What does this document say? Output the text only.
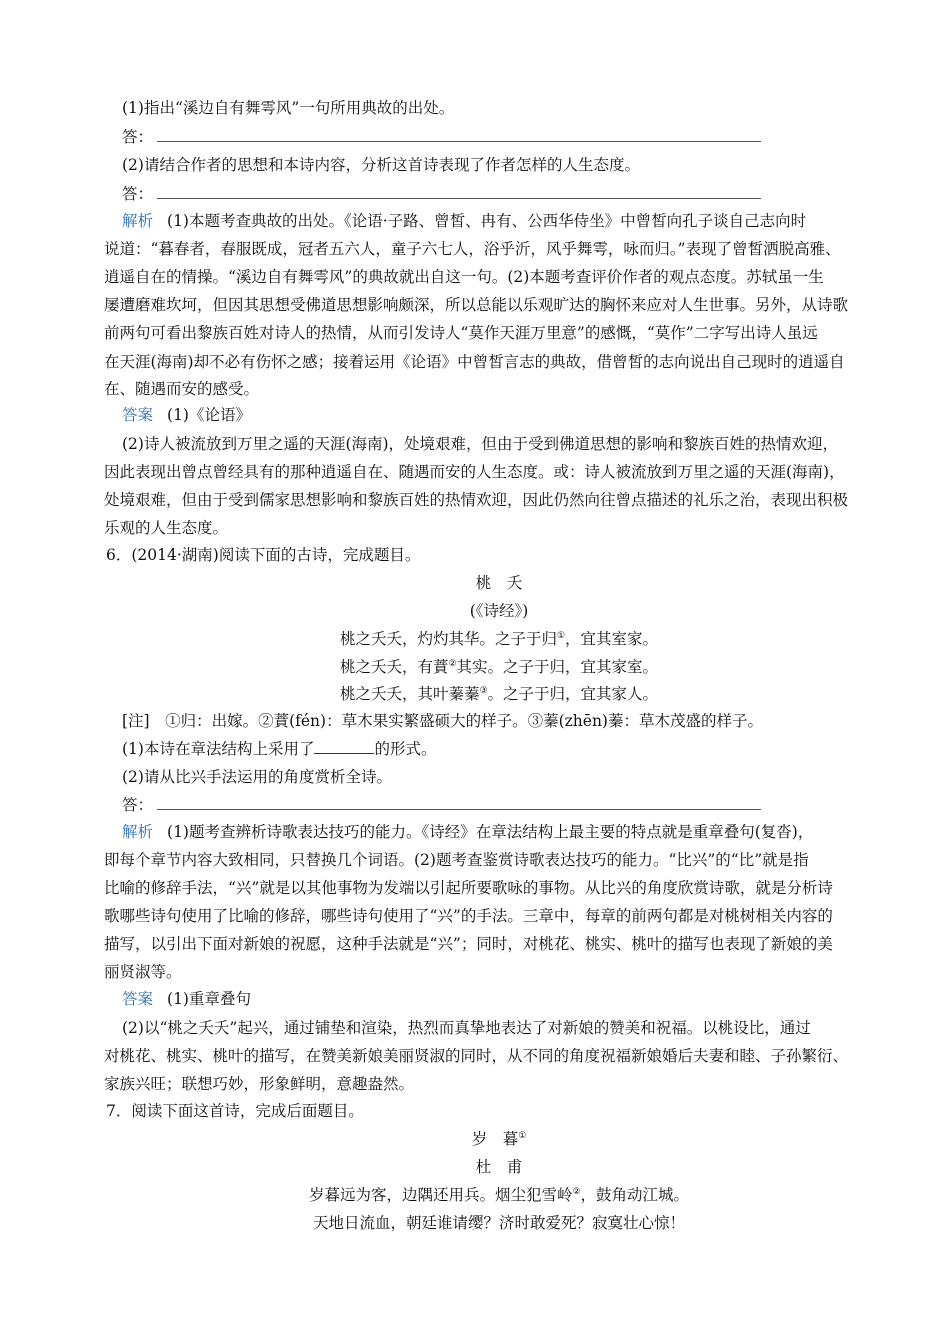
(1)指出“溪边自有舞雩风”一句所用典故的出处。
答：
(2)请结合作者的思想和本诗内容，分析这首诗表现了作者怎样的人生态度。
答：
解析 (1)本题考查典故的出处。《论语·子路、曾皙、冉有、公西华侍坐》中曾皙向孔子谈自己志向时
说道：“暮春者，春服既成，冠者五六人，童子六七人，浴乎沂，风乎舞雩，咏而归。”表现了曾皙洒脱高雅、
逍遥自在的情操。“溪边自有舞雩风”的典故就出自这一句。(2)本题考查评价作者的观点态度。苏轼虽一生
屡遭磨难坎坷，但因其思想受佛道思想影响颇深，所以总能以乐观旷达的胸怀来应对人生世事。另外，从诗歌
前两句可看出黎族百姓对诗人的热情，从而引发诗人“莫作天涯万里意”的感慨，“莫作”二字写出诗人虽远
在天涯(海南)却不必有伤怀之感；接着运用《论语》中曾皙言志的典故，借曾皙的志向说出自己现时的逍遥自
在、随遇而安的感受。
答案 (1)《论语》
(2)诗人被流放到万里之遥的天涯(海南)，处境艰难，但由于受到佛道思想的影响和黎族百姓的热情欢迎，
因此表现出曾点曾经具有的那种逍遥自在、随遇而安的人生态度。或：诗人被流放到万里之遥的天涯(海南)，
处境艰难，但由于受到儒家思想影响和黎族百姓的热情欢迎，因此仍然向往曾点描述的礼乐之治，表现出积极
乐观的人生态度。
6．(2014·湖南)阅读下面的古诗，完成题目。
桃　夭
(《诗经》)
桃之夭夭，灼灼其华。之子于归①，宜其室家。
桃之夭夭，有蕡②其实。之子于归，宜其家室。
桃之夭夭，其叶蓁蓁③。之子于归，宜其家人。
[注]　①归：出嫁。②蕡(fén)：草木果实繁盛硕大的样子。③蓁(zhēn)蓁：草木茂盛的样子。
(1)本诗在章法结构上采用了	的形式。
(2)请从比兴手法运用的角度赏析全诗。
答：
解析 (1)题考查辨析诗歌表达技巧的能力。《诗经》在章法结构上最主要的特点就是重章叠句(复沓)，
即每个章节内容大致相同，只替换几个词语。(2)题考查鉴赏诗歌表达技巧的能力。“比兴”的“比”就是指
比喻的修辞手法，“兴”就是以其他事物为发端以引起所要歌咏的事物。从比兴的角度欣赏诗歌，就是分析诗
歌哪些诗句使用了比喻的修辞，哪些诗句使用了“兴”的手法。三章中，每章的前两句都是对桃树相关内容的
描写，以引出下面对新娘的祝愿，这种手法就是“兴”；同时，对桃花、桃实、桃叶的描写也表现了新娘的美
丽贤淑等。
答案 (1)重章叠句
(2)以“桃之夭夭”起兴，通过铺垫和渲染，热烈而真挚地表达了对新娘的赞美和祝福。以桃设比，通过
对桃花、桃实、桃叶的描写，在赞美新娘美丽贤淑的同时，从不同的角度祝福新娘婚后夫妻和睦、子孙繁衍、
家族兴旺；联想巧妙，形象鲜明，意趣盎然。
7．阅读下面这首诗，完成后面题目。
岁　暮①
杜　甫
岁暮远为客，边隅还用兵。烟尘犯雪岭②，鼓角动江城。
天地日流血，朝廷谁请缨？济时敢爱死？寂寞壮心惊！
